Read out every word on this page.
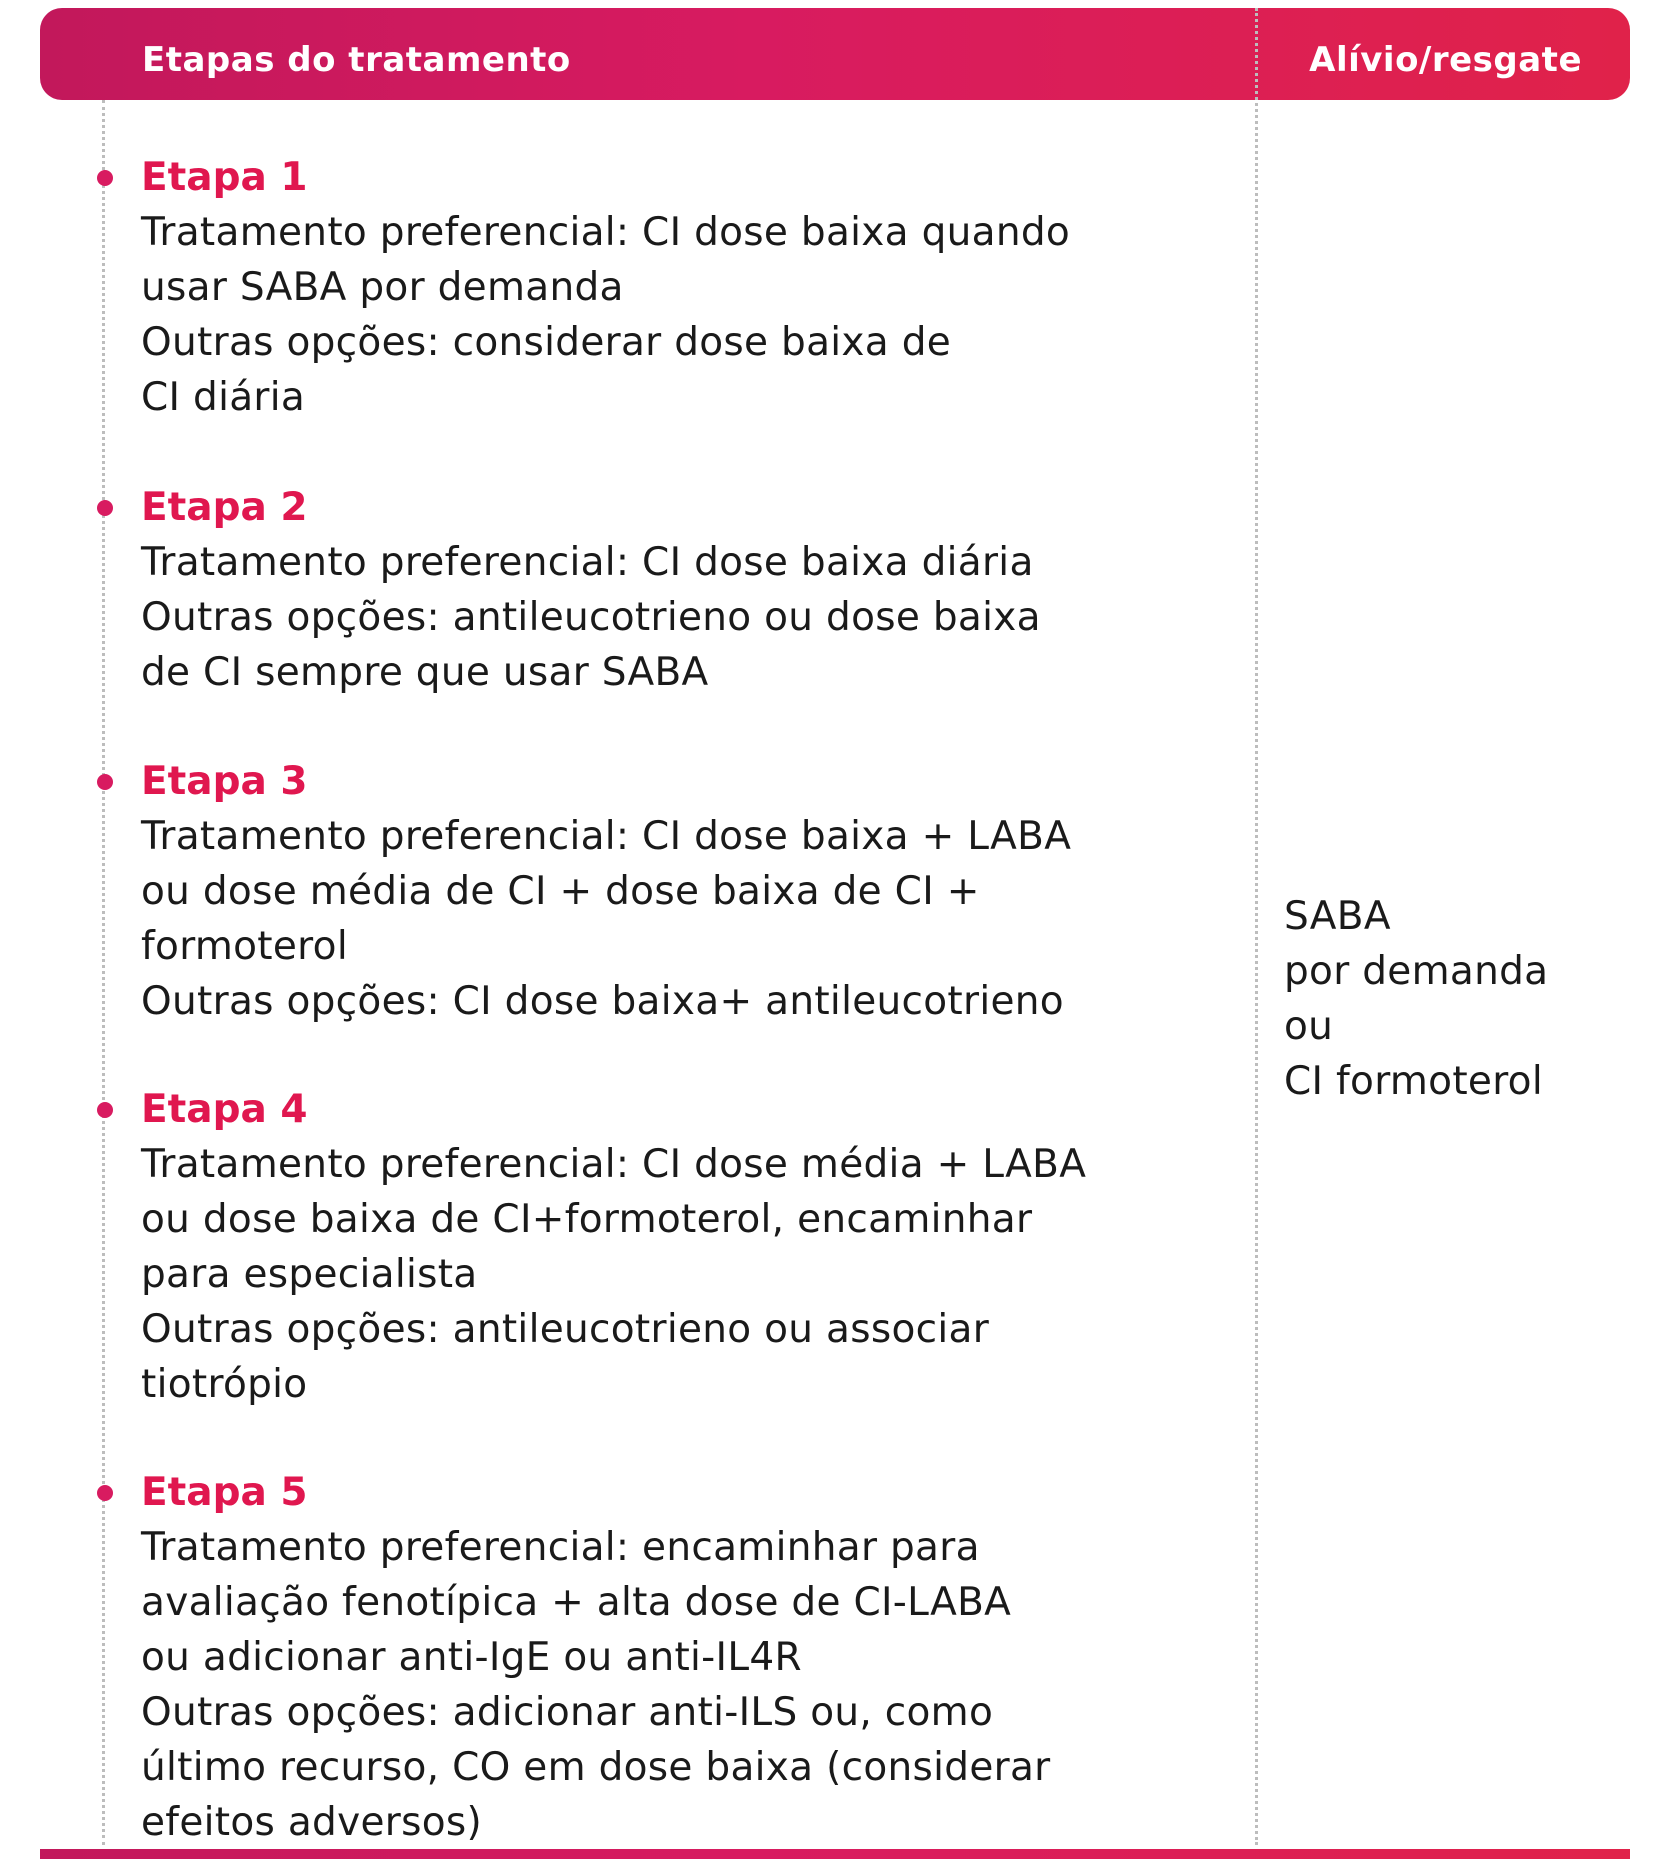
Etapas do tratamento	Alívio/resgate
Etapa 1
Tratamento preferencial: CI dose baixa quando
usar SABA por demanda
Outras opções: considerar dose baixa de
CI diária
Etapa 2
Tratamento preferencial: CI dose baixa diária
Outras opções: antileucotrieno ou dose baixa
de CI sempre que usar SABA
Etapa 3
Tratamento preferencial: CI dose baixa + LABA
ou dose média de CI + dose baixa de CI +
formoterol
Outras opções: CI dose baixa+ antileucotrieno
Etapa 4
Tratamento preferencial: CI dose média + LABA
ou dose baixa de CI+formoterol, encaminhar
para especialista
Outras opções: antileucotrieno ou associar
tiotrópio
Etapa 5
Tratamento preferencial: encaminhar para
avaliação fenotípica + alta dose de CI-LABA
ou adicionar anti-IgE ou anti-IL4R
Outras opções: adicionar anti-ILS ou, como
último recurso, CO em dose baixa (considerar
efeitos adversos)
SABA
por demanda
ou
CI formoterol
